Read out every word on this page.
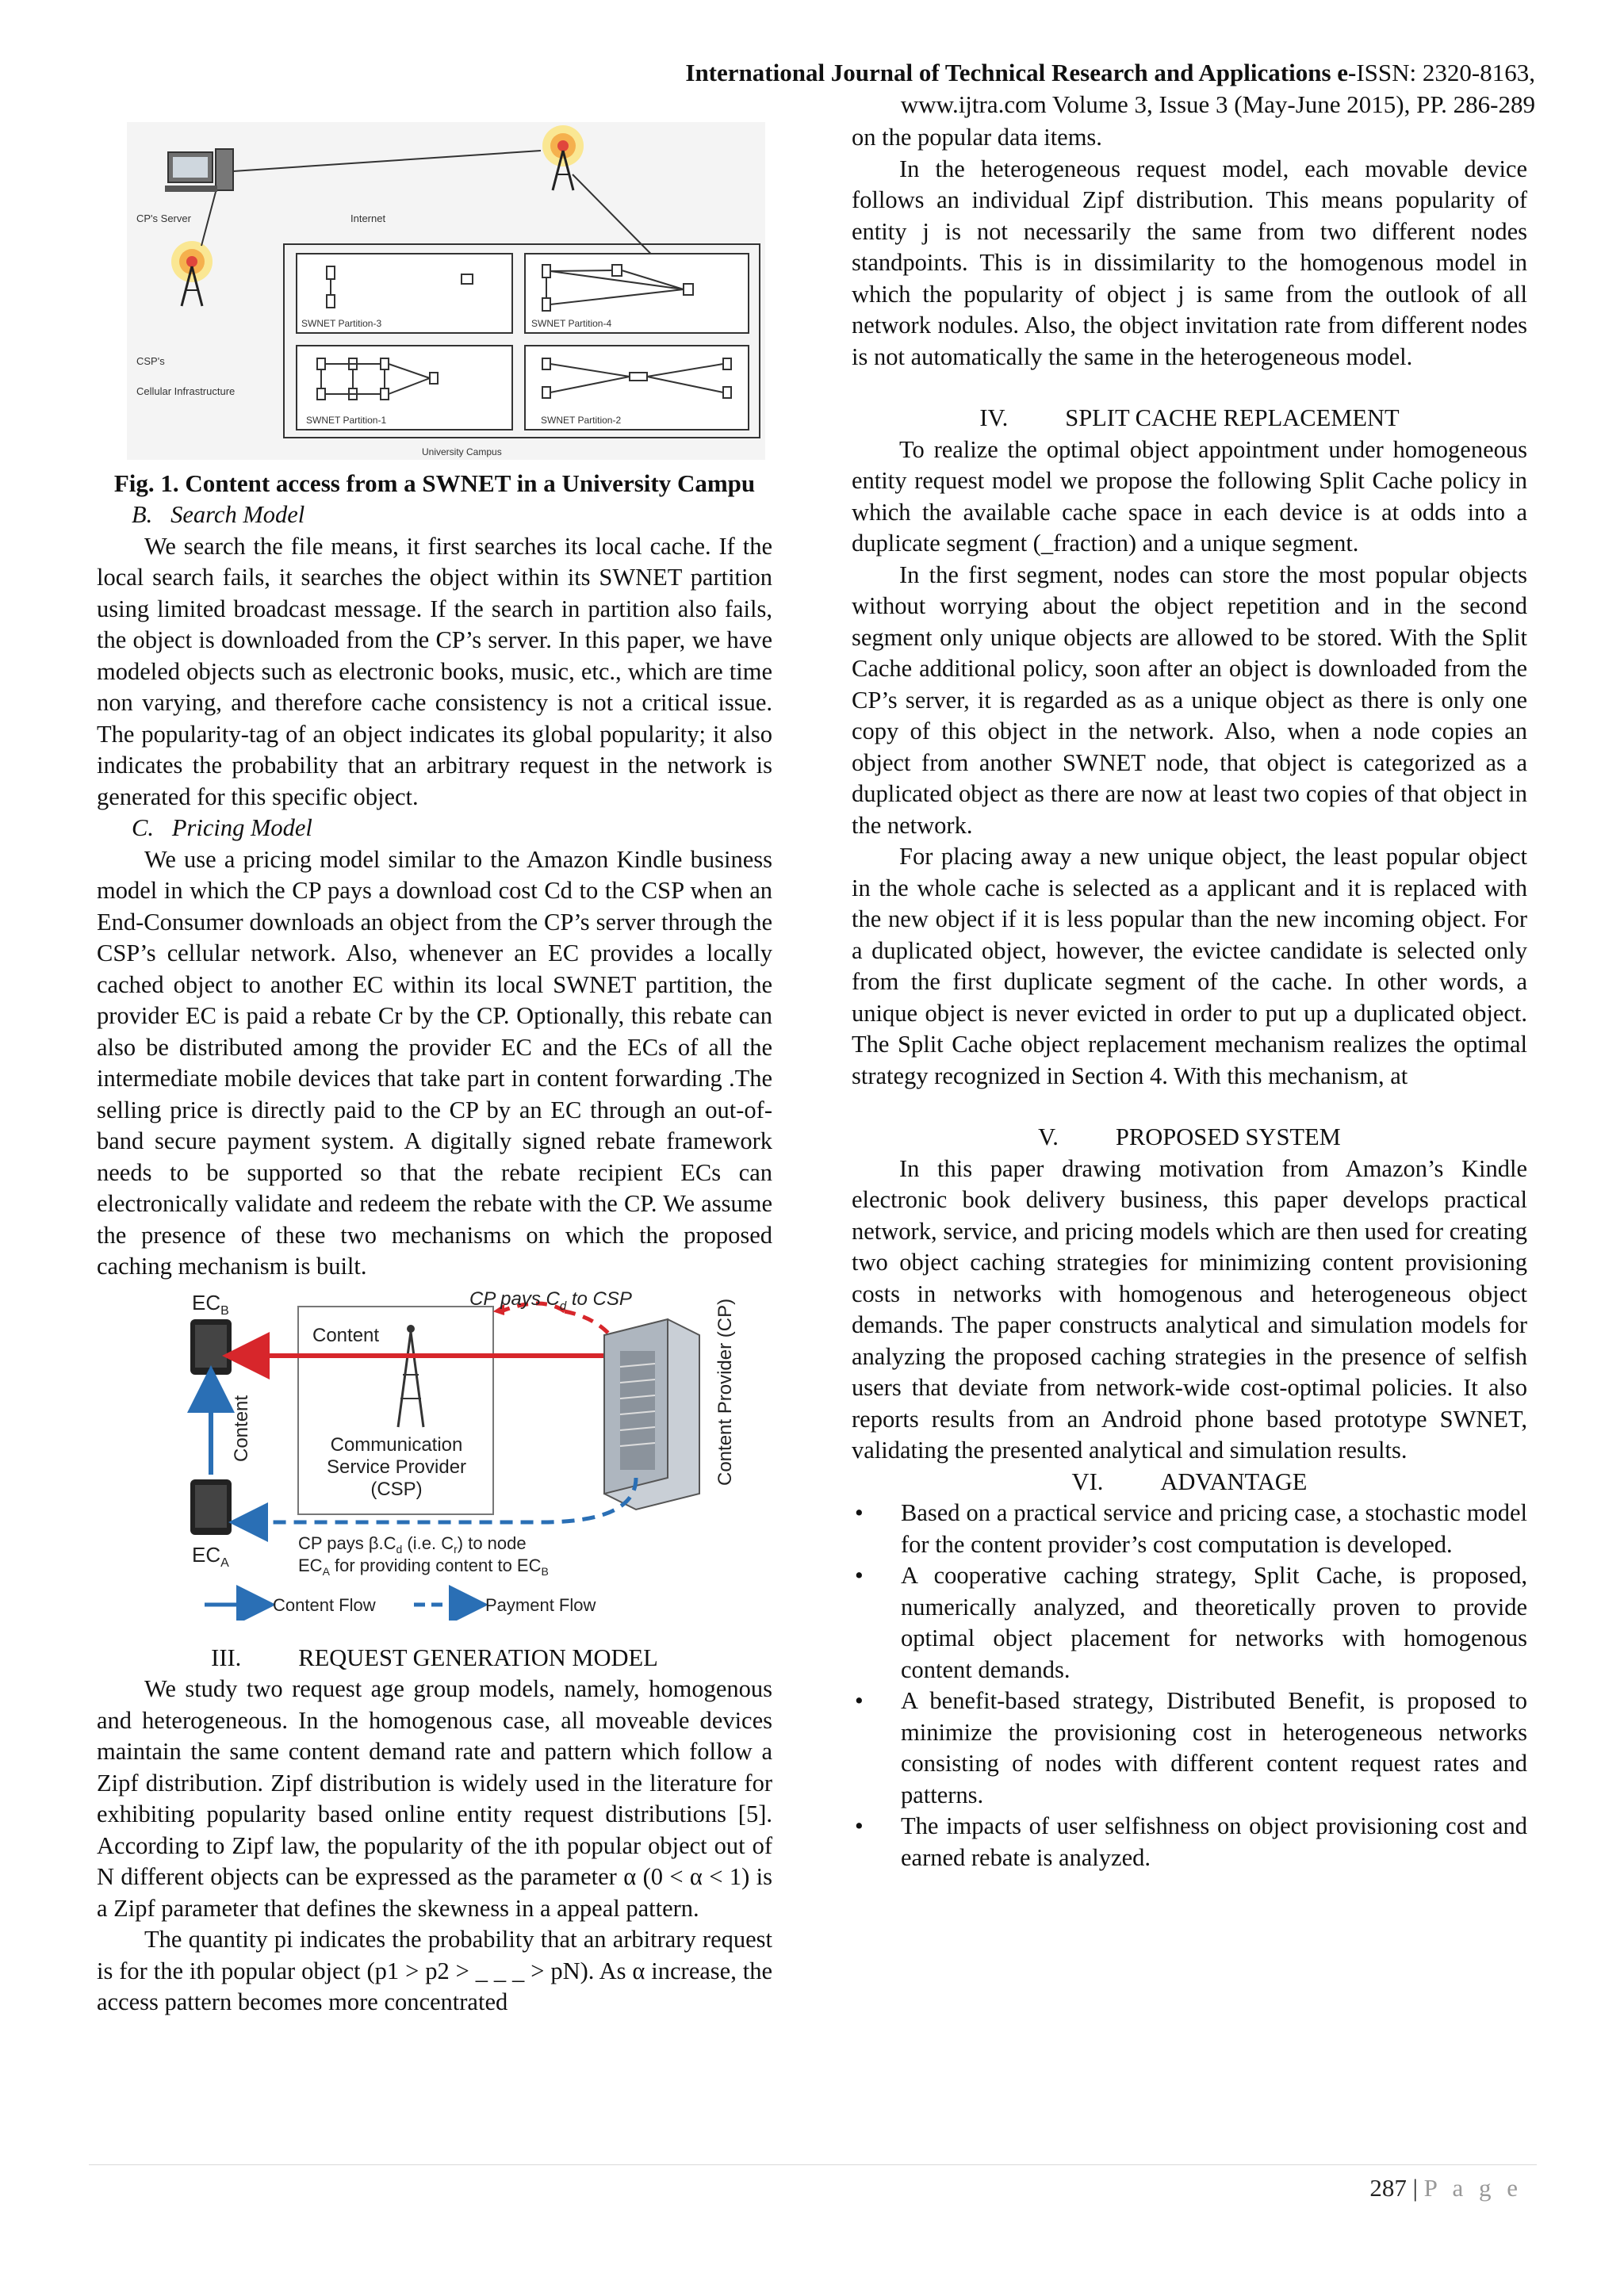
International Journal of Technical Research and Applications e-ISSN: 2320-8163,
www.ijtra.com Volume 3, Issue 3 (May-June 2015), PP. 286-289
CP's Server	Internet
CSP's
Cellular Infrastructure
SWNET Partition-3	SWNET Partition-4
SWNET Partition-1	SWNET Partition-2
University Campus

Fig. 1. Content access from a SWNET in a University Campu

B.   Search Model

We search the file means, it first searches its local cache. If the local search fails, it searches the object within its SWNET partition using limited broadcast message. If the search in partition also fails, the object is downloaded from the CP’s server. In this paper, we have modeled objects such as electronic books, music, etc., which are time non varying, and therefore cache consistency is not a critical issue. The popularity-tag of an object indicates its global popularity; it also indicates the probability that an arbitrary request in the network is generated for this specific object.

C.   Pricing Model

We use a pricing model similar to the Amazon Kindle business model in which the CP pays a download cost Cd to the CSP when an End-Consumer downloads an object from the CP’s server through the CSP’s cellular network. Also, whenever an EC provides a locally cached object to another EC within its local SWNET partition, the provider EC is paid a rebate Cr by the CP. Optionally, this rebate can also be distributed among the provider EC and the ECs of all the intermediate mobile devices that take part in content forwarding .The selling price is directly paid to the CP by an EC through an out-of-band secure payment system. A digitally signed rebate framework needs to be supported so that the rebate recipient ECs can electronically validate and redeem the rebate with the CP. We assume the presence of these two mechanisms on which the proposed caching mechanism is built.

$EC_B$
$EC_A$
Content
Content
Communication
Service Provider
(CSP)
CP pays $C_d$ to CSP	Content Provider (CP)
CP pays $\beta.C_d$ (i.e. $C_r$) to node
$EC_A$ for providing content to $EC_B$
Content Flow	Payment Flow

III. REQUEST GENERATION MODEL

We study two request age group models, namely, homogenous and heterogeneous. In the homogenous case, all moveable devices maintain the same content demand rate and pattern which follow a Zipf distribution. Zipf distribution is widely used in the literature for exhibiting popularity based online entity request distributions [5]. According to Zipf law, the popularity of the ith popular object out of N different objects can be expressed as the parameter α (0 < α < 1) is a Zipf parameter that defines the skewness in a appeal pattern.

The quantity pi indicates the probability that an arbitrary request is for the ith popular object (p1 > p2 > _ _ _ > pN). As α increase, the access pattern becomes more concentrated

on the popular data items.

In the heterogeneous request model, each movable device follows an individual Zipf distribution. This means popularity of entity j is not necessarily the same from two different nodes standpoints. This is in dissimilarity to the homogenous model in which the popularity of object j is same from the outlook of all network nodules. Also, the object invitation rate from different nodes is not automatically the same in the heterogeneous model.

IV. SPLIT CACHE REPLACEMENT

To realize the optimal object appointment under homogeneous entity request model we propose the following Split Cache policy in which the available cache space in each device is at odds into a duplicate segment (_fraction) and a unique segment.

In the first segment, nodes can store the most popular objects without worrying about the object repetition and in the second segment only unique objects are allowed to be stored. With the Split Cache additional policy, soon after an object is downloaded from the CP’s server, it is regarded as as a unique object as there is only one copy of this object in the network. Also, when a node copies an object from another SWNET node, that object is categorized as a duplicated object as there are now at least two copies of that object in the network.

For placing away a new unique object, the least popular object in the whole cache is selected as a applicant and it is replaced with the new object if it is less popular than the new incoming object. For a duplicated object, however, the evictee candidate is selected only from the first duplicate segment of the cache. In other words, a unique object is never evicted in order to put up a duplicated object. The Split Cache object replacement mechanism realizes the optimal strategy recognized in Section 4. With this mechanism, at

V. PROPOSED SYSTEM

In this paper drawing motivation from Amazon’s Kindle electronic book delivery business, this paper develops practical network, service, and pricing models which are then used for creating two object caching strategies for minimizing content provisioning costs in networks with homogenous and heterogeneous object demands. The paper constructs analytical and simulation models for analyzing the proposed caching strategies in the presence of selfish users that deviate from network-wide cost-optimal policies. It also reports results from an Android phone based prototype SWNET, validating the presented analytical and simulation results.

VI. ADVANTAGE

• Based on a practical service and pricing case, a stochastic model for the content provider’s cost computation is developed.
• A cooperative caching strategy, Split Cache, is proposed, numerically analyzed, and theoretically proven to provide optimal object placement for networks with homogenous content demands.
• A benefit-based strategy, Distributed Benefit, is proposed to minimize the provisioning cost in heterogeneous networks consisting of nodes with different content request rates and patterns.
• The impacts of user selfishness on object provisioning cost and earned rebate is analyzed.
287 | P a g e
